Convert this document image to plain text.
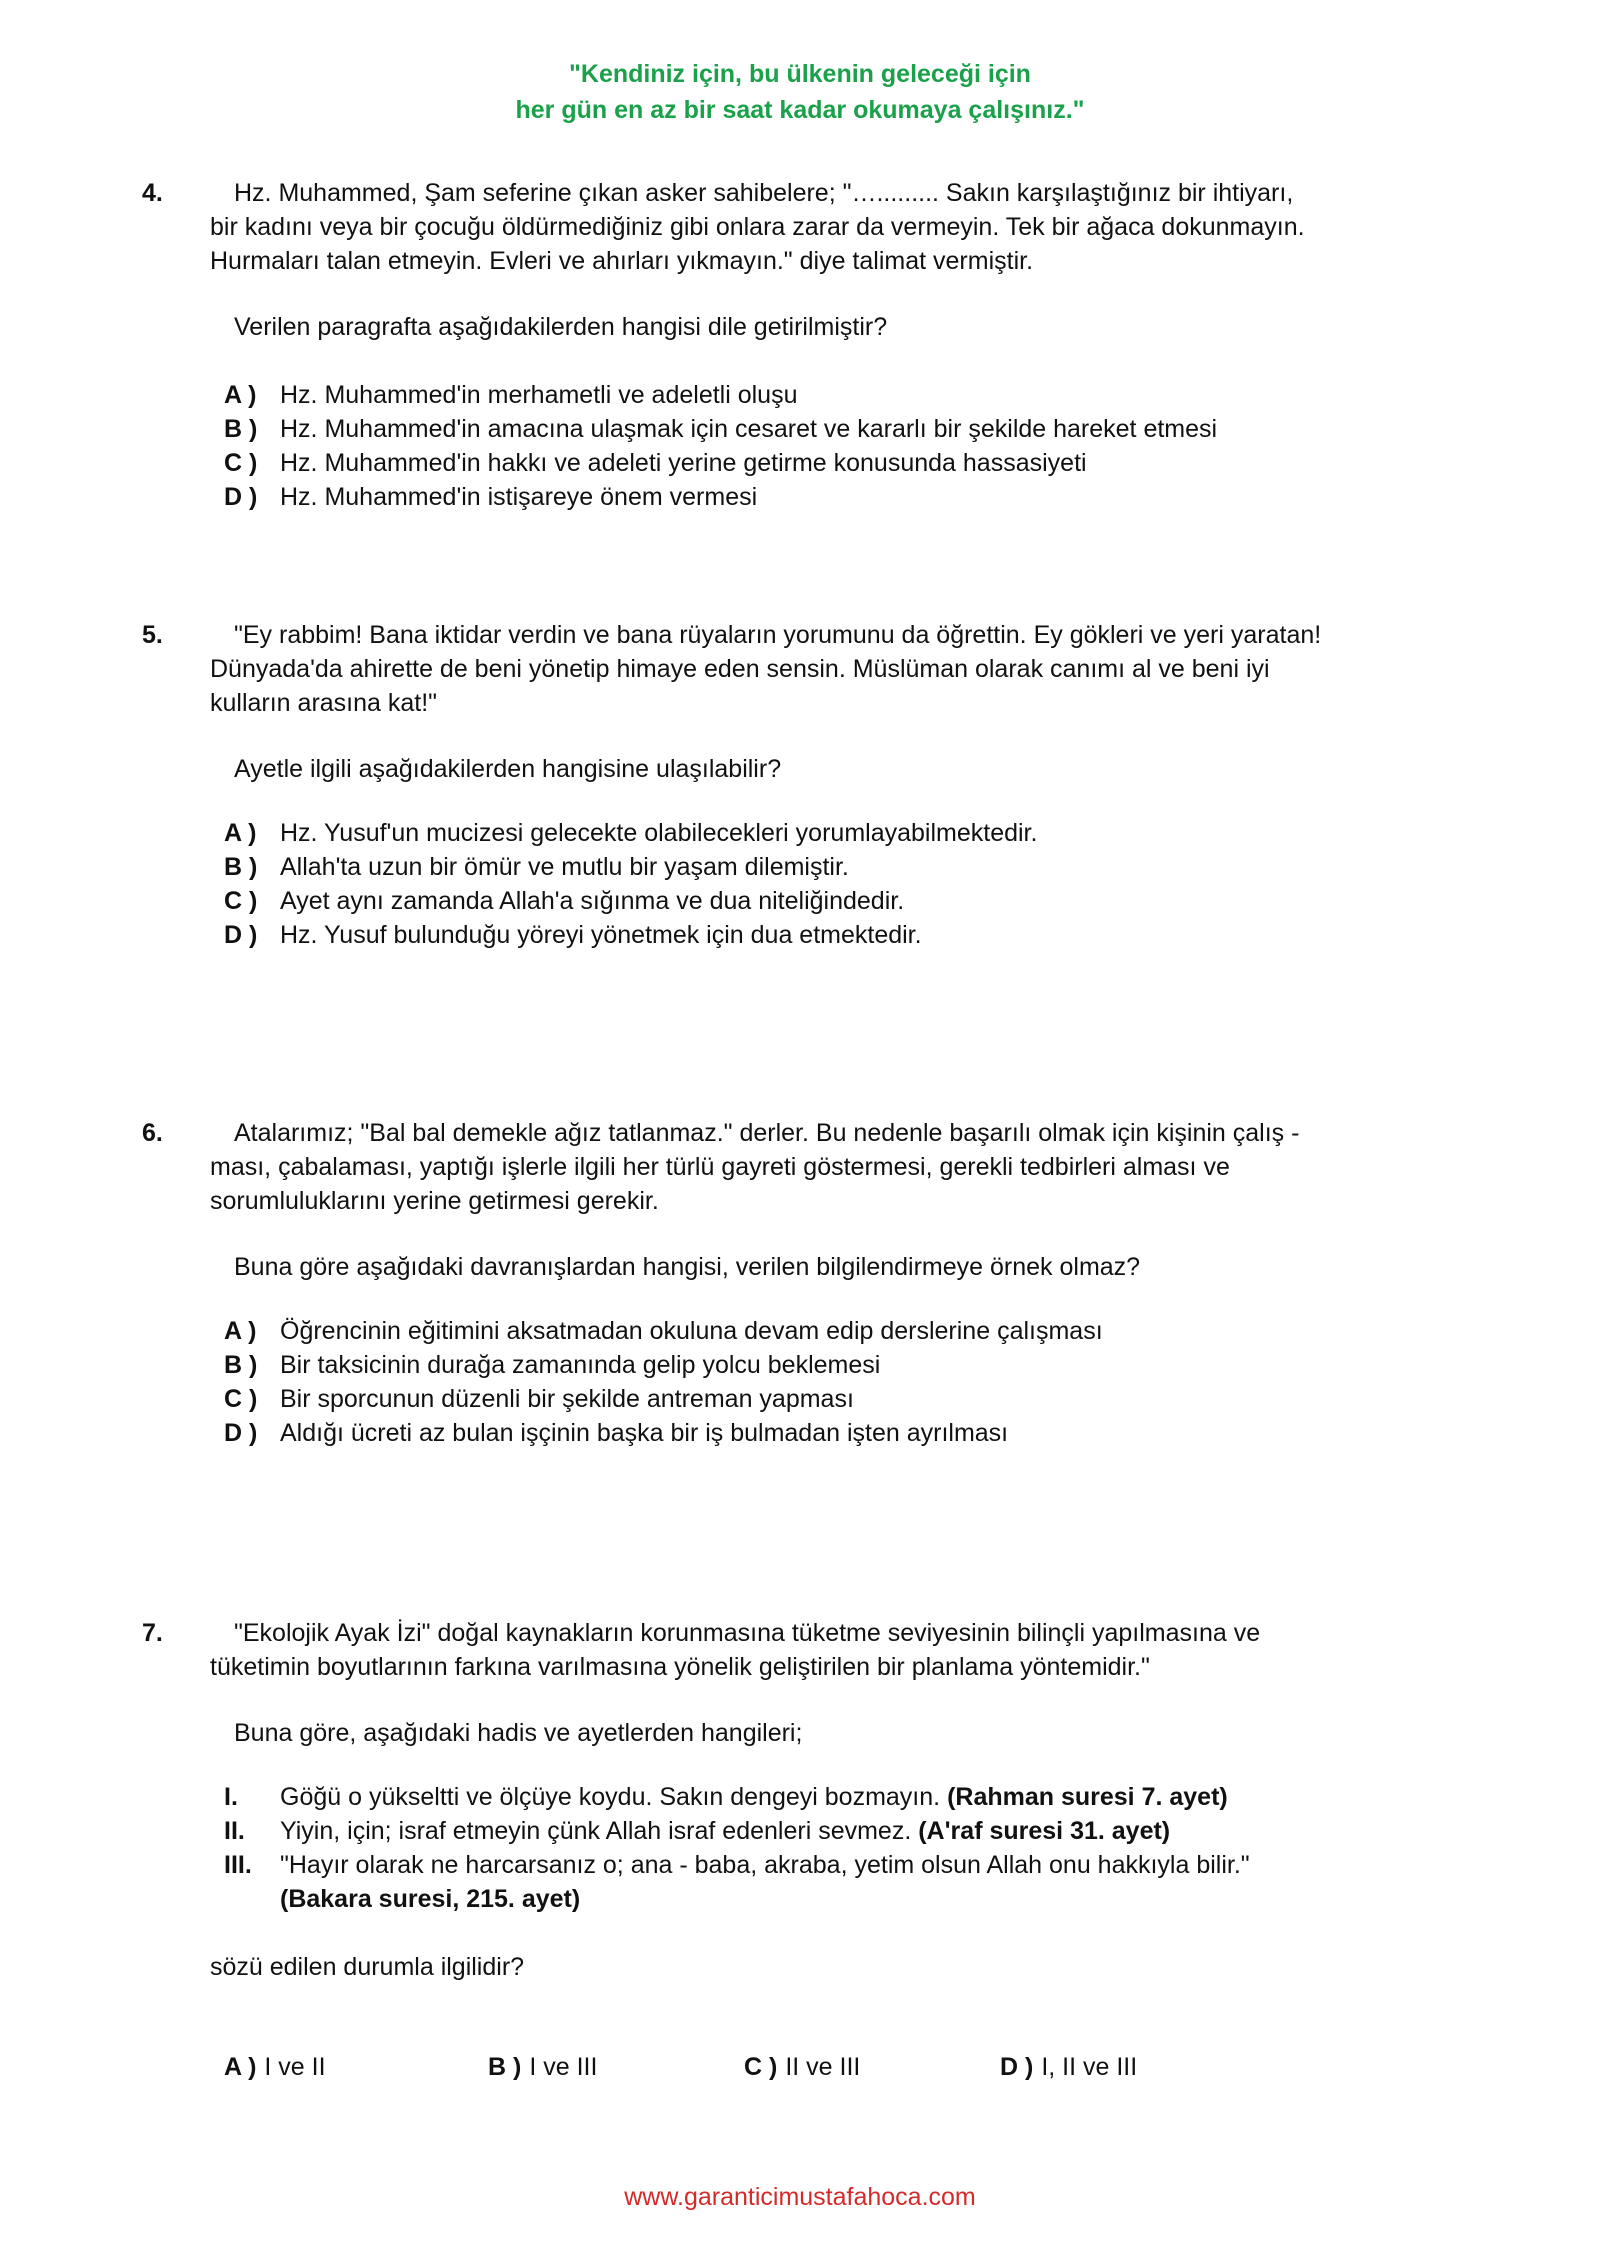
"Kendiniz için, bu ülkenin geleceği için
her gün en az bir saat kadar okumaya çalışınız."
4.	Hz. Muhammed, Şam seferine çıkan asker sahibelere; "…......... Sakın karşılaştığınız bir ihtiyarı,

bir kadını veya bir çocuğu öldürmediğiniz gibi onlara zarar da vermeyin. Tek bir ağaca dokunmayın.

Hurmaları talan etmeyin. Evleri ve ahırları yıkmayın." diye talimat vermiştir.

Verilen paragrafta aşağıdakilerden hangisi dile getirilmiştir?

A ) Hz. Muhammed'in merhametli ve adeletli oluşu
B ) Hz. Muhammed'in amacına ulaşmak için cesaret ve kararlı bir şekilde hareket etmesi
C ) Hz. Muhammed'in hakkı ve adeleti yerine getirme konusunda hassasiyeti
D ) Hz. Muhammed'in istişareye önem vermesi
5.	"Ey rabbim! Bana iktidar verdin ve bana rüyaların yorumunu da öğrettin. Ey gökleri ve yeri yaratan!

Dünyada'da ahirette de beni yönetip himaye eden sensin. Müslüman olarak canımı al ve beni iyi

kulların arasına kat!"

Ayetle ilgili aşağıdakilerden hangisine ulaşılabilir?

A ) Hz. Yusuf'un mucizesi gelecekte olabilecekleri yorumlayabilmektedir.
B ) Allah'ta uzun bir ömür ve mutlu bir yaşam dilemiştir.
C ) Ayet aynı zamanda Allah'a sığınma ve dua niteliğindedir.
D ) Hz. Yusuf bulunduğu yöreyi yönetmek için dua etmektedir.
6.	Atalarımız; "Bal bal demekle ağız tatlanmaz." derler. Bu nedenle başarılı olmak için kişinin çalış -

ması, çabalaması, yaptığı işlerle ilgili her türlü gayreti göstermesi, gerekli tedbirleri alması ve

sorumluluklarını yerine getirmesi gerekir.

Buna göre aşağıdaki davranışlardan hangisi, verilen bilgilendirmeye örnek olmaz?

A ) Öğrencinin eğitimini aksatmadan okuluna devam edip derslerine çalışması
B ) Bir taksicinin durağa zamanında gelip yolcu beklemesi
C ) Bir sporcunun düzenli bir şekilde antreman yapması
D ) Aldığı ücreti az bulan işçinin başka bir iş bulmadan işten ayrılması
7.	"Ekolojik Ayak İzi" doğal kaynakların korunmasına tüketme seviyesinin bilinçli yapılmasına ve

tüketimin boyutlarının farkına varılmasına yönelik geliştirilen bir planlama yöntemidir."

Buna göre, aşağıdaki hadis ve ayetlerden hangileri;

I.	Göğü o yükseltti ve ölçüye koydu. Sakın dengeyi bozmayın. (Rahman suresi 7. ayet)
II.	Yiyin, için; israf etmeyin çünk Allah israf edenleri sevmez. (A'raf suresi 31. ayet)
III.	"Hayır olarak ne harcarsanız o; ana - baba, akraba, yetim olsun Allah onu hakkıyla bilir."
(Bakara suresi, 215. ayet)
sözü edilen durumla ilgilidir?
A ) I ve II	B ) I ve III	C ) II ve III	D ) I, II ve III
www.garanticimustafahoca.com
